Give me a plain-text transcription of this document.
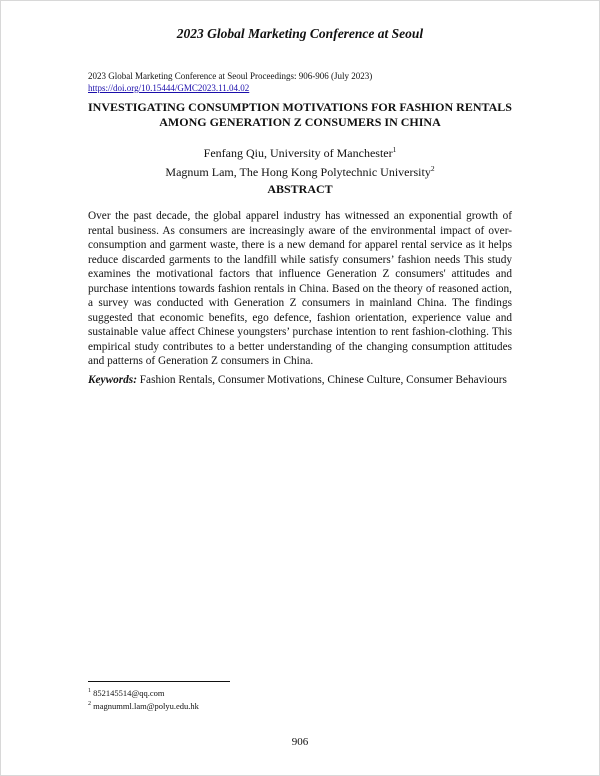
2023 Global Marketing Conference at Seoul
2023 Global Marketing Conference at Seoul Proceedings: 906-906 (July 2023)
https://doi.org/10.15444/GMC2023.11.04.02
INVESTIGATING CONSUMPTION MOTIVATIONS FOR FASHION RENTALS
AMONG GENERATION Z CONSUMERS IN CHINA
Fenfang Qiu, University of Manchester$^1$
Magnum Lam, The Hong Kong Polytechnic University$^2$
ABSTRACT
Over the past decade, the global apparel industry has witnessed an exponential growth of rental business. As consumers are increasingly aware of the environmental impact of over-consumption and garment waste, there is a new demand for apparel rental service as it helps reduce discarded garments to the landfill while satisfy consumers’ fashion needs This study examines the motivational factors that influence Generation Z consumers' attitudes and purchase intentions towards fashion rentals in China. Based on the theory of reasoned action, a survey was conducted with Generation Z consumers in mainland China. The findings suggested that economic benefits, ego defence, fashion orientation, experience value and sustainable value affect Chinese youngsters’ purchase intention to rent fashion-clothing. This empirical study contributes to a better understanding of the changing consumption attitudes and patterns of Generation Z consumers in China.
Keywords: Fashion Rentals, Consumer Motivations, Chinese Culture, Consumer Behaviours
$^1$ 852145514@qq.com
$^2$ magnumml.lam@polyu.edu.hk
906
